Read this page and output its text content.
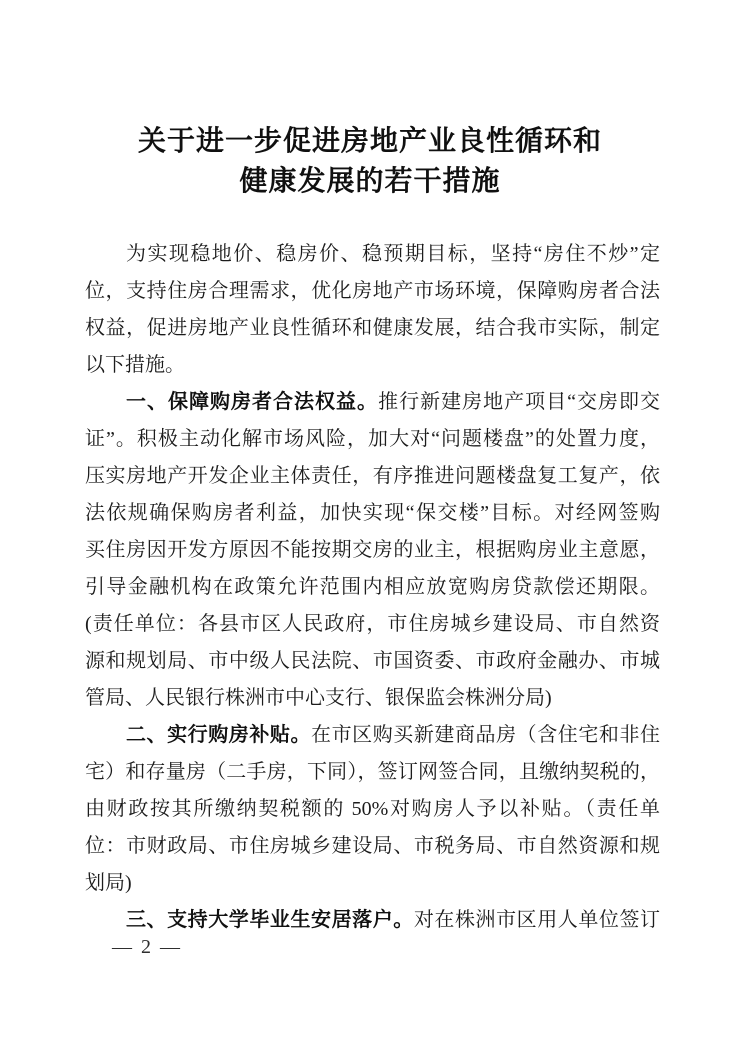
关于进一步促进房地产业良性循环和
健康发展的若干措施
为实现稳地价、稳房价、稳预期目标，坚持“房住不炒”定
位，支持住房合理需求，优化房地产市场环境，保障购房者合法
权益，促进房地产业良性循环和健康发展，结合我市实际，制定
以下措施。
一、保障购房者合法权益。推行新建房地产项目“交房即交
证”。积极主动化解市场风险，加大对“问题楼盘”的处置力度，
压实房地产开发企业主体责任，有序推进问题楼盘复工复产，依
法依规确保购房者利益，加快实现“保交楼”目标。对经网签购
买住房因开发方原因不能按期交房的业主，根据购房业主意愿，
引导金融机构在政策允许范围内相应放宽购房贷款偿还期限。
(责任单位：各县市区人民政府，市住房城乡建设局、市自然资
源和规划局、市中级人民法院、市国资委、市政府金融办、市城
管局、人民银行株洲市中心支行、银保监会株洲分局)
二、实行购房补贴。在市区购买新建商品房（含住宅和非住
宅）和存量房（二手房，下同），签订网签合同，且缴纳契税的，
由财政按其所缴纳契税额的 50%对购房人予以补贴。（责任单
位：市财政局、市住房城乡建设局、市税务局、市自然资源和规
划局)
三、支持大学毕业生安居落户。对在株洲市区用人单位签订
— 2 —
